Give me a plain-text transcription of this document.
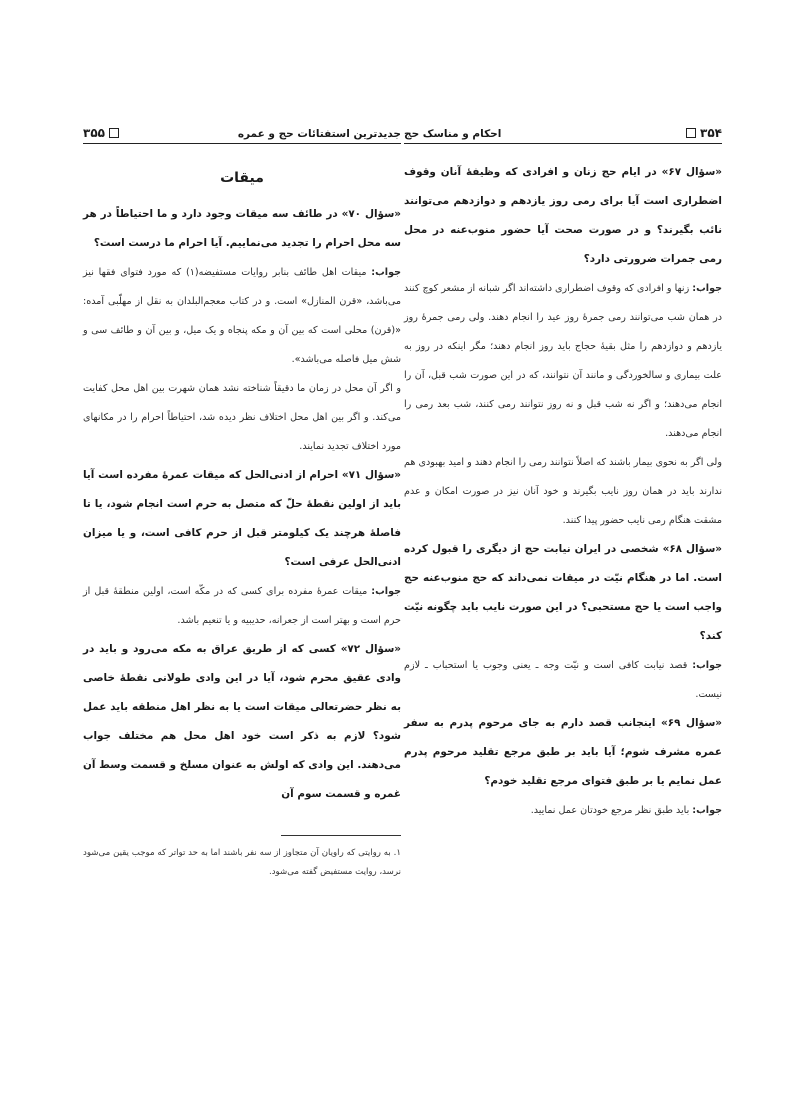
جدیدترین استفتائات حج و عمره
۳۵۵
میقات

«سؤال ۷۰» در طائف سه میقات وجود دارد و ما احتیاطاً در هر سه محل احرام را تجدید می‌نماییم. آیا احرام ما درست است؟

جواب: میقات اهل طائف بنابر روایات مستفیضه(۱) که مورد فتوای فقها نیز می‌باشد، «قرن المنازل» است. و در کتاب معجم‌البلدان به نقل از مهلّبی آمده: «(قرن) محلی است که بین آن و مکه پنجاه و یک میل، و بین آن و طائف سی و شش میل فاصله می‌باشد».
و اگر آن محل در زمان ما دقیقاً شناخته نشد همان شهرت بین اهل محل کفایت می‌کند. و اگر بین اهل محل اختلاف نظر دیده شد، احتیاطاً احرام را در مکانهای مورد اختلاف تجدید نمایند.

«سؤال ۷۱» احرام از ادنی‌الحل که میقات عمرهٔ مفرده است آیا باید از اولین نقطهٔ حلّ که متصل به حرم است انجام شود، یا تا فاصلهٔ هرچند یک کیلومتر قبل از حرم کافی است، و یا میزان ادنی‌الحل عرفی است؟

جواب: میقات عمرهٔ مفرده برای کسی که در مکّه است، اولین منطقهٔ قبل از حرم است و بهتر است از جعرانه، حدیبیه و یا تنعیم باشد.

«سؤال ۷۲» کسی که از طریق عراق به مکه می‌رود و باید در وادی عقیق محرم شود، آیا در این وادی طولانی نقطهٔ خاصی به نظر حضرتعالی میقات است یا به نظر اهل منطقه باید عمل شود؟ لازم به ذکر است خود اهل محل هم مختلف جواب می‌دهند. این وادی که اولش به عنوان مسلخ و قسمت وسط آن غمره و قسمت سوم آن

۱. به روایتی که راویان آن متجاوز از سه نفر باشند اما به حد تواتر که موجب یقین می‌شود نرسد، روایت مستفیض گفته می‌شود.
۳۵۴
احکام و مناسک حج

«سؤال ۶۷» در ایام حج زنان و افرادی که وظیفهٔ آنان وقوف اضطراری است آیا برای رمی روز یازدهم و دوازدهم می‌توانند نائب بگیرند؟ و در صورت صحت آیا حضور منوب‌عنه در محل رمی جمرات ضرورتی دارد؟

جواب: زنها و افرادی که وقوف اضطراری داشته‌اند اگر شبانه از مشعر کوچ کنند در همان شب می‌توانند رمی جمرهٔ روز عید را انجام دهند. ولی رمی جمرهٔ روز یازدهم و دوازدهم را مثل بقیهٔ حجاج باید روز انجام دهند؛ مگر اینکه در روز به علت بیماری و سالخوردگی و مانند آن نتوانند، که در این صورت شب قبل، آن را انجام می‌دهند؛ و اگر نه شب قبل و نه روز نتوانند رمی کنند، شب بعد رمی را انجام می‌دهند.
ولی اگر به نحوی بیمار باشند که اصلاً نتوانند رمی را انجام دهند و امید بهبودی هم ندارند باید در همان روز نایب بگیرند و خود آنان نیز در صورت امکان و عدم مشقت هنگام رمی نایب حضور پیدا کنند.

«سؤال ۶۸» شخصی در ایران نیابت حج از دیگری را قبول کرده است. اما در هنگام نیّت در میقات نمی‌داند که حج منوب‌عنه حج واجب است یا حج مستحبی؟ در این صورت نایب باید چگونه نیّت کند؟

جواب: قصد نیابت کافی است و نیّت وجه ـ یعنی وجوب یا استحباب ـ لازم نیست.

«سؤال ۶۹» اینجانب قصد دارم به جای مرحوم پدرم به سفر عمره مشرف شوم؛ آیا باید بر طبق مرجع تقلید مرحوم پدرم عمل نمایم یا بر طبق فتوای مرجع تقلید خودم؟

جواب: باید طبق نظر مرجع خودتان عمل نمایید.
